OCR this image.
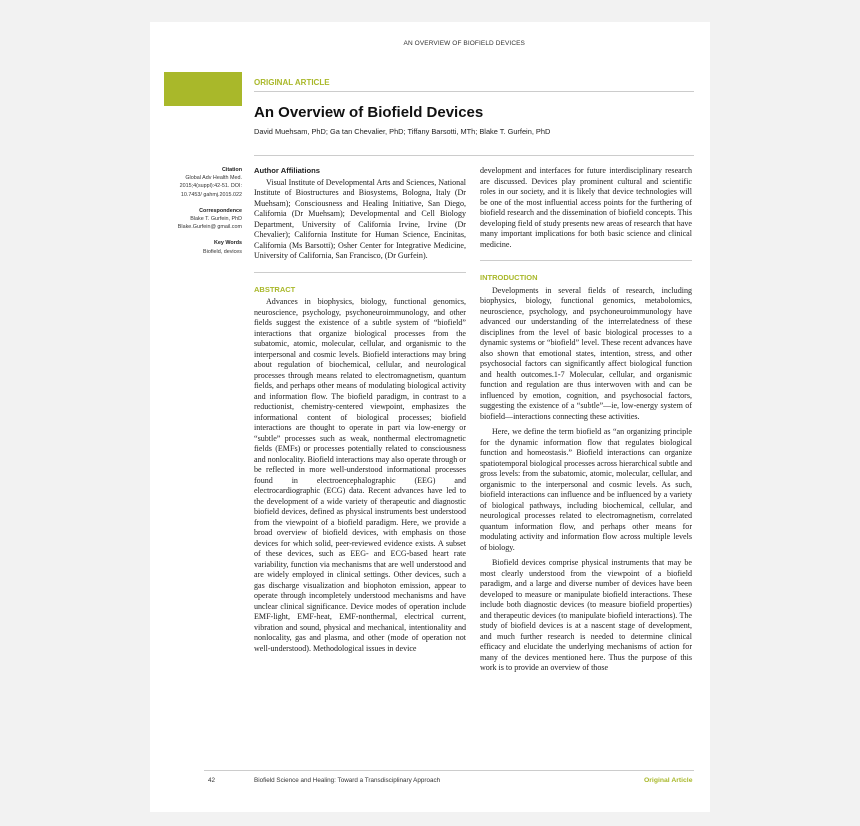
AN OVERVIEW OF BIOFIELD DEVICES
ORIGINAL ARTICLE
An Overview of Biofield Devices
David Muehsam, PhD; Ga tan Chevalier, PhD; Tiffany Barsotti, MTh; Blake T. Gurfein, PhD
Citation
Global Adv Health Med. 2015;4(suppl):42-51. DOI: 10.7453/ gahmj.2015.022
Correspondence
Blake T. Gurfein, PhD Blake.Gurfein@ gmail.com
Key Words
Biofield, devices
Author Affiliations

Visual Institute of Developmental Arts and Sciences, National Institute of Biostructures and Biosystems, Bologna, Italy (Dr Muehsam); Consciousness and Healing Initiative, San Diego, California (Dr Muehsam); Developmental and Cell Biology Department, University of California Irvine, Irvine (Dr Chevalier); California Institute for Human Science, Encinitas, California (Ms Barsotti); Osher Center for Integrative Medicine, University of California, San Francisco, (Dr Gurfein).

ABSTRACT

Advances in biophysics, biology, functional genomics, neuroscience, psychology, psychoneuroimmunology, and other fields suggest the existence of a subtle system of “biofield” interactions that organize biological processes from the subatomic, atomic, molecular, cellular, and organismic to the interpersonal and cosmic levels. Biofield interactions may bring about regulation of biochemical, cellular, and neurological processes through means related to electromagnetism, quantum fields, and perhaps other means of modulating biological activity and information flow. The biofield paradigm, in contrast to a reductionist, chemistry-centered viewpoint, emphasizes the informational content of biological processes; biofield interactions are thought to operate in part via low-energy or “subtle” processes such as weak, nonthermal electromagnetic fields (EMFs) or processes potentially related to consciousness and nonlocality. Biofield interactions may also operate through or be reflected in more well-understood informational processes found in electroencephalographic (EEG) and electrocardiographic (ECG) data. Recent advances have led to the development of a wide variety of therapeutic and diagnostic biofield devices, defined as physical instruments best understood from the viewpoint of a biofield paradigm. Here, we provide a broad overview of biofield devices, with emphasis on those devices for which solid, peer-reviewed evidence exists. A subset of these devices, such as EEG- and ECG-based heart rate variability, function via mechanisms that are well understood and are widely employed in clinical settings. Other devices, such a gas discharge visualization and biophoton emission, appear to operate through incompletely understood mechanisms and have unclear clinical significance. Device modes of operation include EMF-light, EMF-heat, EMF-nonthermal, electrical current, vibration and sound, physical and mechanical, intentionality and nonlocality, gas and plasma, and other (mode of operation not well-understood). Methodological issues in device

development and interfaces for future interdisciplinary research are discussed. Devices play prominent cultural and scientific roles in our society, and it is likely that device technologies will be one of the most influential access points for the furthering of biofield research and the dissemination of biofield concepts. This developing field of study presents new areas of research that have many important implications for both basic science and clinical medicine.

INTRODUCTION

Developments in several fields of research, including biophysics, biology, functional genomics, metabolomics, neuroscience, psychology, and psychoneuroimmunology have advanced our understanding of the interrelatedness of these disciplines from the level of basic biological processes to a dynamic systems or “biofield” level. These recent advances have also shown that emotional states, intention, stress, and other psychosocial factors can significantly affect biological function and health outcomes.1-7 Molecular, cellular, and organismic function and regulation are thus interwoven with and can be influenced by emotion, cognition, and psychosocial factors, suggesting the existence of a “subtle”—ie, low-energy system of biofield—interactions connecting these activities.

Here, we define the term biofield as “an organizing principle for the dynamic information flow that regulates biological function and homeostasis.” Biofield interactions can organize spatiotemporal biological processes across hierarchical subtle and gross levels: from the subatomic, atomic, molecular, cellular, and organismic to the interpersonal and cosmic levels. As such, biofield interactions can influence and be influenced by a variety of biological pathways, including biochemical, cellular, and neurological processes related to electromagnetism, correlated quantum information flow, and perhaps other means for modulating activity and information flow across multiple levels of biology.

Biofield devices comprise physical instruments that may be most clearly understood from the viewpoint of a biofield paradigm, and a large and diverse number of devices have been developed to measure or manipulate biofield interactions. These include both diagnostic devices (to measure biofield properties) and therapeutic devices (to manipulate biofield interactions). The study of biofield devices is at a nascent stage of development, and much further research is needed to determine clinical efficacy and elucidate the underlying mechanisms of action for many of the devices mentioned here. Thus the purpose of this work is to provide an overview of those

42	Biofield Science and Healing: Toward a Transdisciplinary Approach	Original Article
